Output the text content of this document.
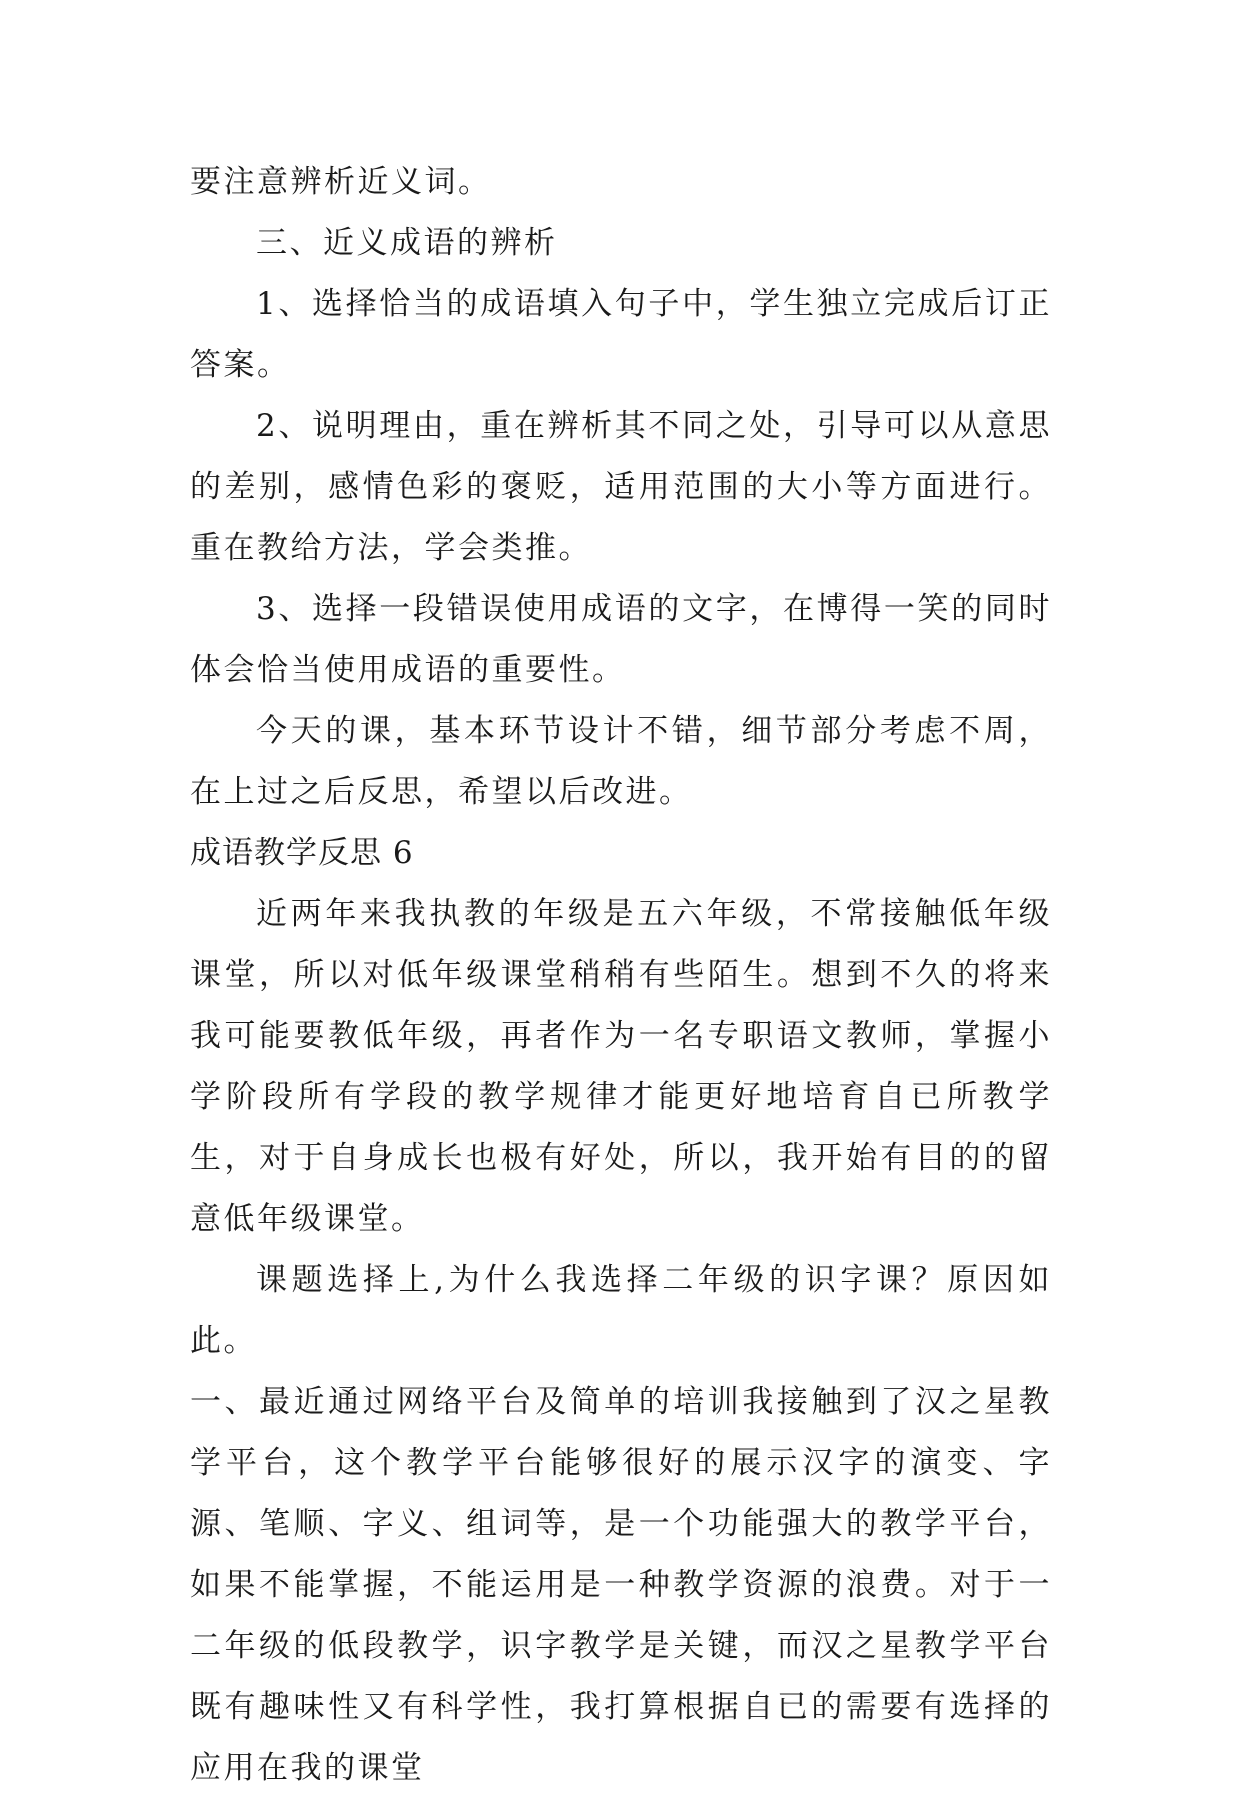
要注意辨析近义词。

三、近义成语的辨析

1、选择恰当的成语填入句子中，学生独立完成后订正答案。

2、说明理由，重在辨析其不同之处，引导可以从意思的差别，感情色彩的褒贬，适用范围的大小等方面进行。重在教给方法，学会类推。

3、选择一段错误使用成语的文字，在博得一笑的同时体会恰当使用成语的重要性。

今天的课，基本环节设计不错，细节部分考虑不周，在上过之后反思，希望以后改进。

成语教学反思 6

近两年来我执教的年级是五六年级，不常接触低年级课堂，所以对低年级课堂稍稍有些陌生。想到不久的将来我可能要教低年级，再者作为一名专职语文教师，掌握小学阶段所有学段的教学规律才能更好地培育自已所教学生，对于自身成长也极有好处，所以，我开始有目的的留意低年级课堂。

课题选择上,为什么我选择二年级的识字课？原因如此。

一、最近通过网络平台及简单的培训我接触到了汉之星教学平台，这个教学平台能够很好的展示汉字的演变、字源、笔顺、字义、组词等，是一个功能强大的教学平台，如果不能掌握，不能运用是一种教学资源的浪费。对于一二年级的低段教学，识字教学是关键，而汉之星教学平台既有趣味性又有科学性，我打算根据自已的需要有选择的应用在我的课堂
